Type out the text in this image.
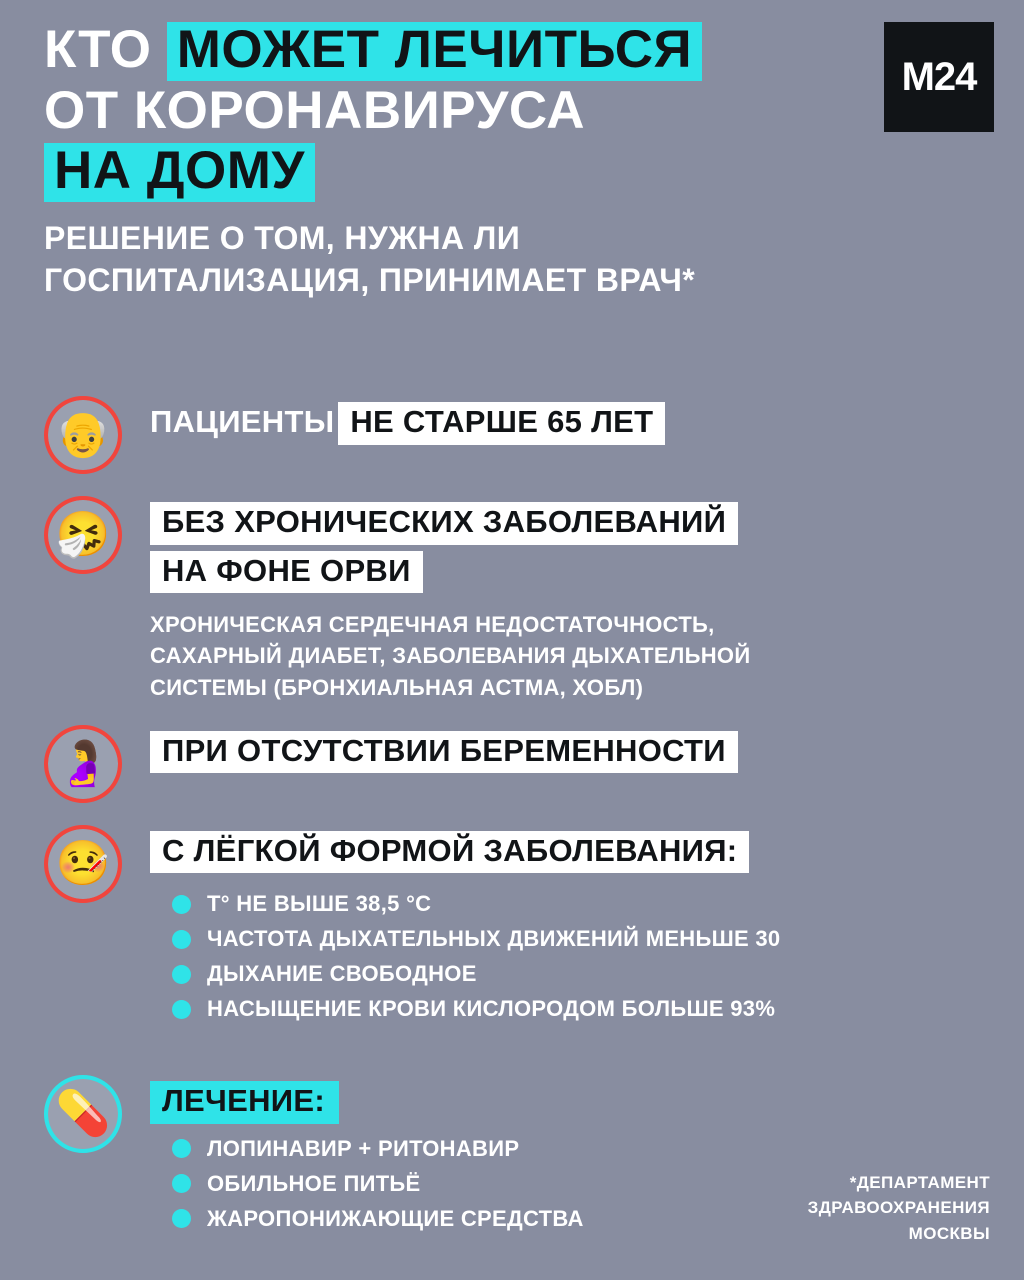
M24
КТО МОЖЕТ ЛЕЧИТЬСЯ
ОТ КОРОНАВИРУСА
НА ДОМУ
РЕШЕНИЕ О ТОМ, НУЖНА ЛИ
ГОСПИТАЛИЗАЦИЯ, ПРИНИМАЕТ ВРАЧ*
👴 ПАЦИЕНТЫ НЕ СТАРШЕ 65 ЛЕТ
🤧	БЕЗ ХРОНИЧЕСКИХ ЗАБОЛЕВАНИЙ
НА ФОНЕ ОРВИ
ХРОНИЧЕСКАЯ СЕРДЕЧНАЯ НЕДОСТАТОЧНОСТЬ,
САХАРНЫЙ ДИАБЕТ, ЗАБОЛЕВАНИЯ ДЫХАТЕЛЬНОЙ
СИСТЕМЫ (БРОНХИАЛЬНАЯ АСТМА, ХОБЛ)
🤰	ПРИ ОТСУТСТВИИ БЕРЕМЕННОСТИ
🤒	С ЛЁГКОЙ ФОРМОЙ ЗАБОЛЕВАНИЯ:
T° НЕ ВЫШЕ 38,5 °С
ЧАСТОТА ДЫХАТЕЛЬНЫХ ДВИЖЕНИЙ МЕНЬШЕ 30
ДЫХАНИЕ СВОБОДНОЕ
НАСЫЩЕНИЕ КРОВИ КИСЛОРОДОМ БОЛЬШЕ 93%
💊	ЛЕЧЕНИЕ:
ЛОПИНАВИР + РИТОНАВИР
ОБИЛЬНОЕ ПИТЬЁ
ЖАРОПОНИЖАЮЩИЕ СРЕДСТВА
*ДЕПАРТАМЕНТ
ЗДРАВООХРАНЕНИЯ
МОСКВЫ
